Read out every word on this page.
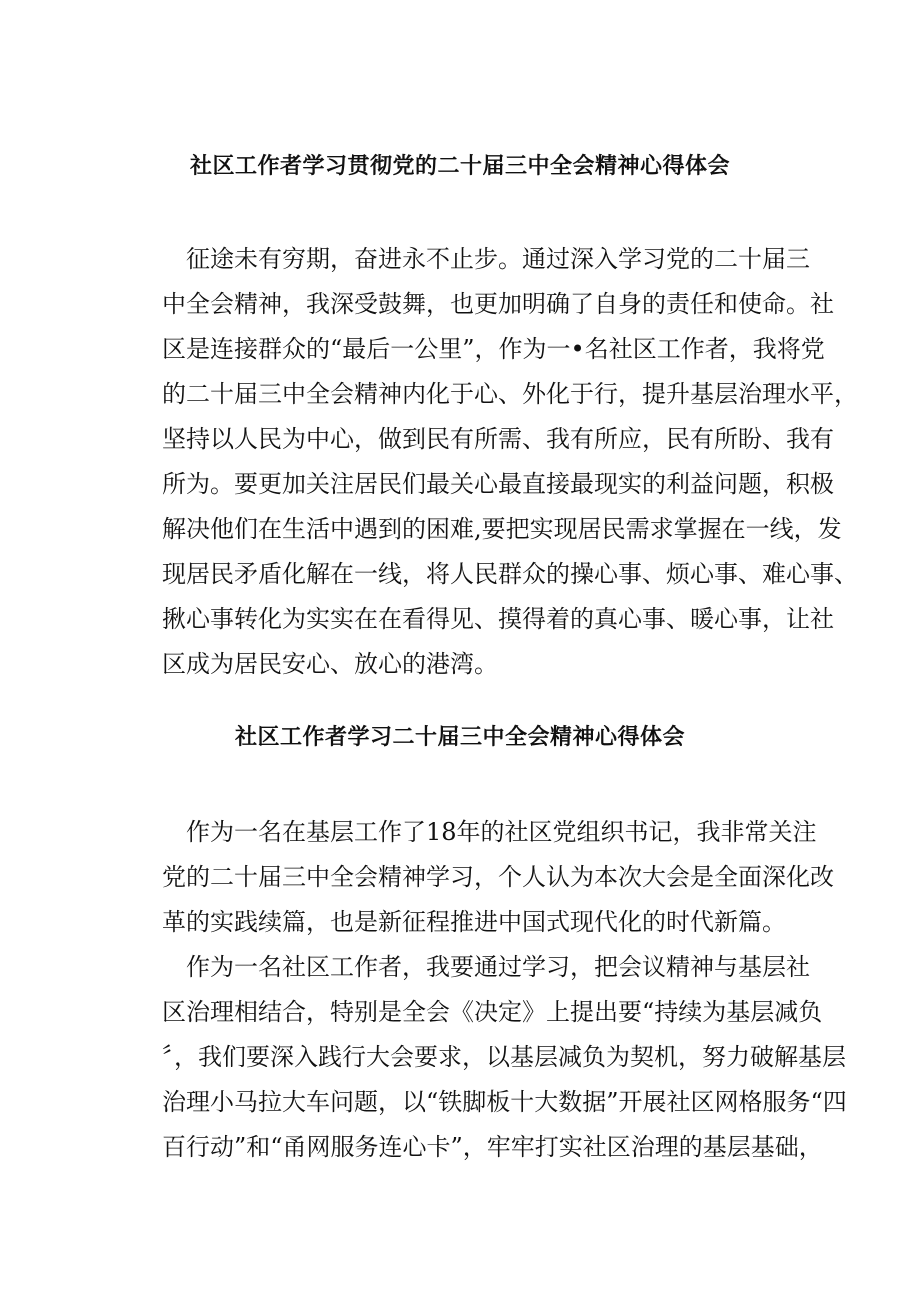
社区工作者学习贯彻党的二十届三中全会精神心得体会

征途未有穷期，奋进永不止步。通过深入学习党的二十届三

中全会精神，我深受鼓舞，也更加明确了自身的责任和使命。社

区是连接群众的“最后一公里”，作为一•名社区工作者，我将党

的二十届三中全会精神内化于心、外化于行，提升基层治理水平，

坚持以人民为中心，做到民有所需、我有所应，民有所盼、我有

所为。要更加关注居民们最关心最直接最现实的利益问题，积极

解决他们在生活中遇到的困难,要把实现居民需求掌握在一线，发

现居民矛盾化解在一线，将人民群众的操心事、烦心事、难心事、

揪心事转化为实实在在看得见、摸得着的真心事、暖心事，让社

区成为居民安心、放心的港湾。

社区工作者学习二十届三中全会精神心得体会

作为一名在基层工作了18年的社区党组织书记，我非常关注

党的二十届三中全会精神学习，个人认为本次大会是全面深化改

革的实践续篇，也是新征程推进中国式现代化的时代新篇。

作为一名社区工作者，我要通过学习，把会议精神与基层社

区治理相结合，特别是全会《决定》上提出要“持续为基层减负

〞，我们要深入践行大会要求，以基层减负为契机，努力破解基层

治理小马拉大车问题，以“铁脚板十大数据”开展社区网格服务“四

百行动”和“甬网服务连心卡”，牢牢打实社区治理的基层基础，
